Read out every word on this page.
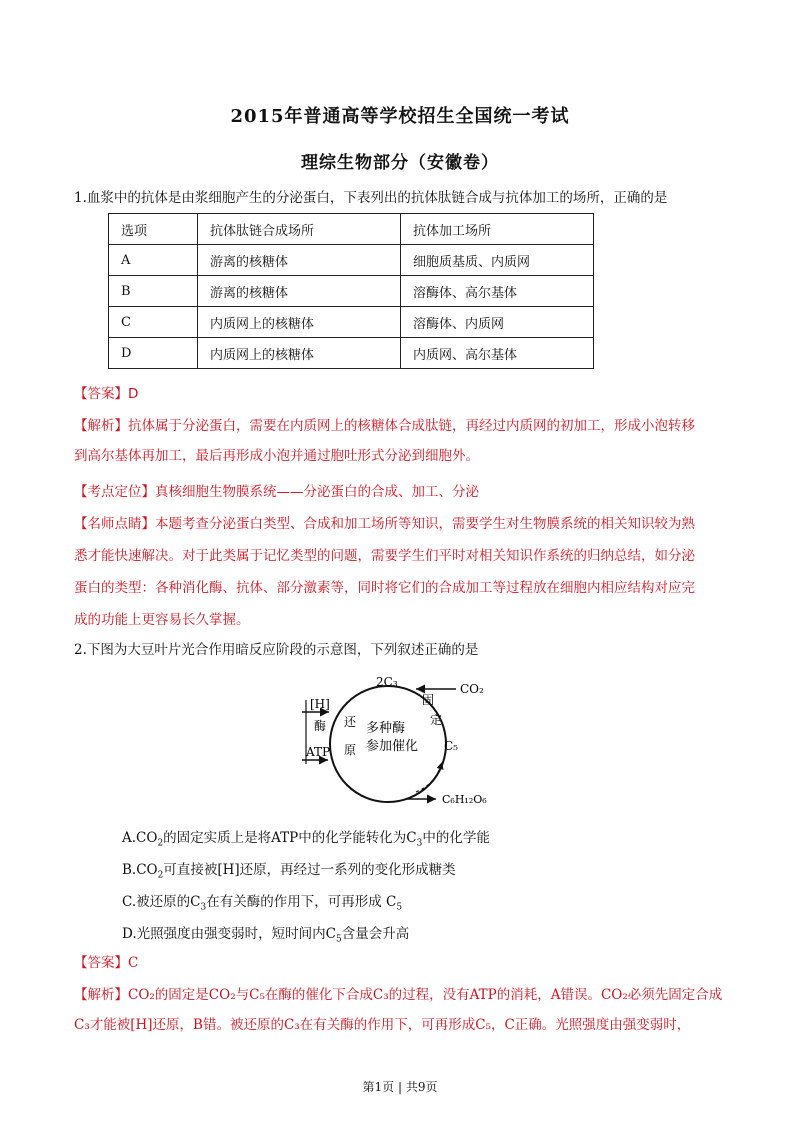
2015年普通高等学校招生全国统一考试
理综生物部分（安徽卷）
1.血浆中的抗体是由浆细胞产生的分泌蛋白，下表列出的抗体肽链合成与抗体加工的场所，正确的是
选项	抗体肽链合成场所	抗体加工场所
A	游离的核糖体	细胞质基质、内质网
B	游离的核糖体	溶酶体、高尔基体
C	内质网上的核糖体	溶酶体、内质网
D	内质网上的核糖体	内质网、高尔基体
【答案】D
【解析】抗体属于分泌蛋白，需要在内质网上的核糖体合成肽链，再经过内质网的初加工，形成小泡转移
到高尔基体再加工，最后再形成小泡并通过胞吐形式分泌到细胞外。
【考点定位】真核细胞生物膜系统——分泌蛋白的合成、加工、分泌
【名师点睛】本题考查分泌蛋白类型、合成和加工场所等知识，需要学生对生物膜系统的相关知识较为熟
悉才能快速解决。对于此类属于记忆类型的问题，需要学生们平时对相关知识作系统的归纳总结，如分泌
蛋白的类型：各种消化酶、抗体、部分激素等，同时将它们的合成加工等过程放在细胞内相应结构对应完
成的功能上更容易长久掌握。
2.下图为大豆叶片光合作用暗反应阶段的示意图，下列叙述正确的是
2C₃	CO₂
固
定
C₅
[H]
酶
ATP
还
原
多种酶
参加催化
C₆H₁₂O₆
$A.CO_2$的固定实质上是将ATP中的化学能转化为$C_3$中的化学能
$B.CO_2$可直接被[H]还原，再经过一系列的变化形成糖类
C.被还原的$C_3$在有关酶的作用下，可再形成 $C_5$
D.光照强度由强变弱时，短时间内$C_5$含量会升高
【答案】C
【解析】CO₂的固定是CO₂与C₅在酶的催化下合成C₃的过程，没有ATP的消耗，A错误。CO₂必须先固定合成
C₃才能被[H]还原，B错。被还原的C₃在有关酶的作用下，可再形成C₅，C正确。光照强度由强变弱时，
第1页 | 共9页
